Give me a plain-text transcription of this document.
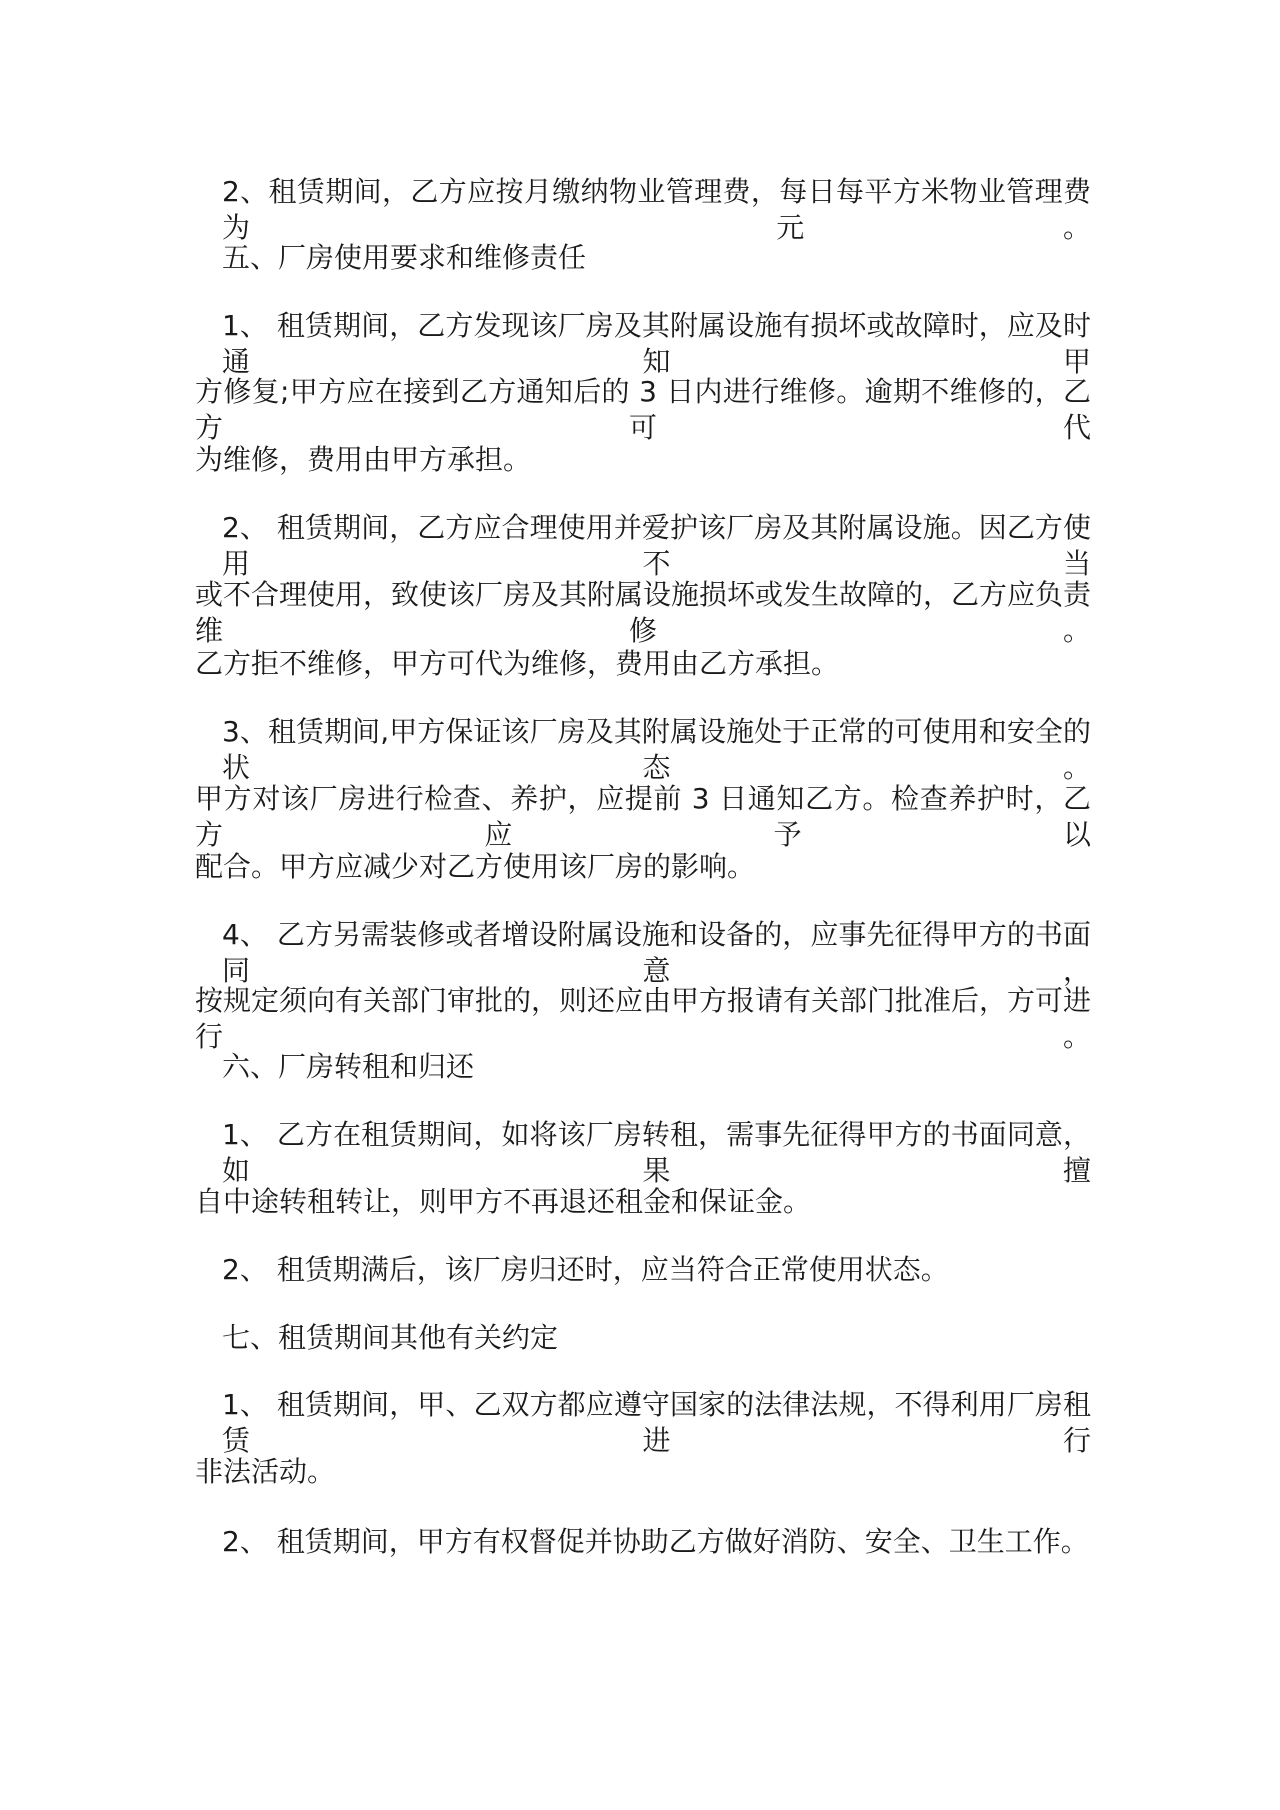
2、租赁期间，乙方应按月缴纳物业管理费，每日每平方米物业管理费为 元。
五、厂房使用要求和维修责任
1、 租赁期间，乙方发现该厂房及其附属设施有损坏或故障时，应及时通知甲
方修复;甲方应在接到乙方通知后的 3 日内进行维修。逾期不维修的，乙方可代
为维修，费用由甲方承担。
2、 租赁期间，乙方应合理使用并爱护该厂房及其附属设施。因乙方使用不当
或不合理使用，致使该厂房及其附属设施损坏或发生故障的，乙方应负责维修。
乙方拒不维修，甲方可代为维修，费用由乙方承担。
3、租赁期间,甲方保证该厂房及其附属设施处于正常的可使用和安全的状态。
甲方对该厂房进行检查、养护，应提前 3 日通知乙方。检查养护时，乙方应予以
配合。甲方应减少对乙方使用该厂房的影响。
4、 乙方另需装修或者增设附属设施和设备的，应事先征得甲方的书面同意，
按规定须向有关部门审批的，则还应由甲方报请有关部门批准后，方可进行。
六、厂房转租和归还
1、 乙方在租赁期间，如将该厂房转租，需事先征得甲方的书面同意，如果擅
自中途转租转让，则甲方不再退还租金和保证金。
2、 租赁期满后，该厂房归还时，应当符合正常使用状态。
七、租赁期间其他有关约定
1、 租赁期间，甲、乙双方都应遵守国家的法律法规，不得利用厂房租赁进行
非法活动。
2、 租赁期间，甲方有权督促并协助乙方做好消防、安全、卫生工作。
